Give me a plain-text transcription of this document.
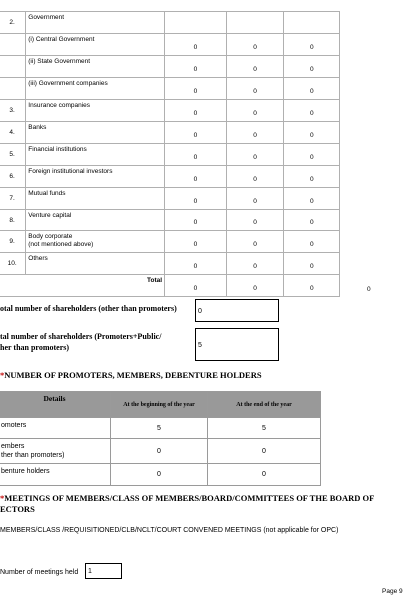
2.	Government				

	(i) Central Government	0	0	0	

	(ii) State Government	0	0	0	

	(iii) Government companies	0	0	0	
3.	Insurance companies	0	0	0	
4.	Banks	0	0	0	
5.	Financial institutions	0	0	0	
6.	Foreign institutional investors	0	0	0	
7.	Mutual funds	0	0	0	
8.	Venture capital	0	0	0	
9.	Body corporate
(not mentioned above)	0	0	0	
10.	Others	0	0	0	
Total		0	0	0	0
otal number of shareholders (other than promoters)	0
tal number of shareholders (Promoters+Public/
her than promoters)	5
*NUMBER OF PROMOTERS, MEMBERS, DEBENTURE HOLDERS
Details	At the beginning of the year	At the end of the year

omoters	5	5

embers
ther than promoters)	0	0

benture holders	0	0
*MEETINGS OF MEMBERS/CLASS OF MEMBERS/BOARD/COMMITTEES OF THE BOARD OF
ECTORS
MEMBERS/CLASS /REQUISITIONED/CLB/NCLT/COURT CONVENED MEETINGS (not applicable for OPC)
Number of meetings held	1
Page 9
